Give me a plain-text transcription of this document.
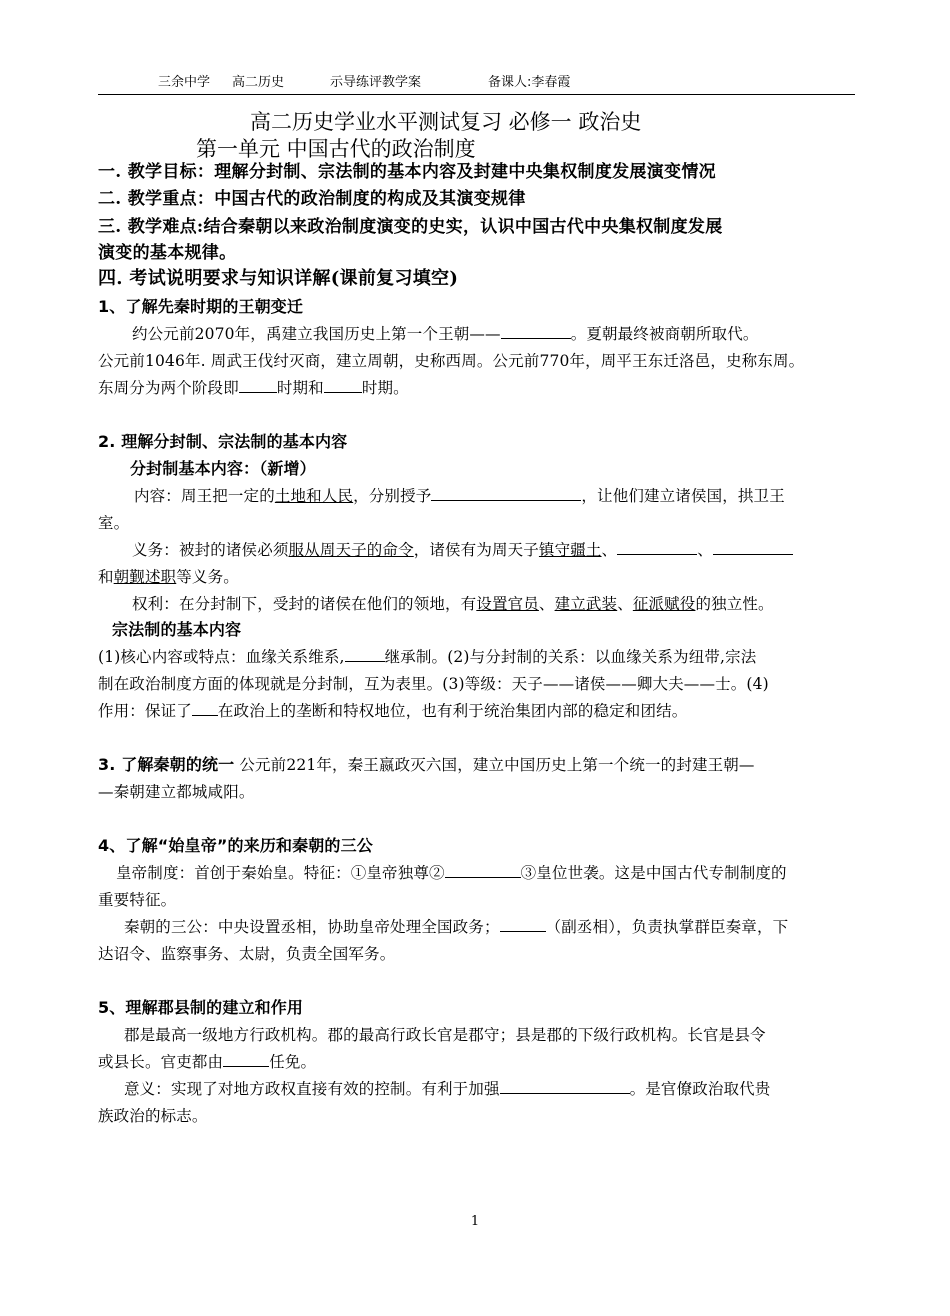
三余中学 高二历史	示导练评教学案	备课人:李春霞
高二历史学业水平测试复习 必修一 政治史
第一单元 中国古代的政治制度
一. 教学目标：理解分封制、宗法制的基本内容及封建中央集权制度发展演变情况
二. 教学重点：中国古代的政治制度的构成及其演变规律
三. 教学难点:结合秦朝以来政治制度演变的史实，认识中国古代中央集权制度发展
演变的基本规律。
四. 考试说明要求与知识详解(课前复习填空)
1、了解先秦时期的王朝变迁
约公元前2070年，禹建立我国历史上第一个王朝——	。夏朝最终被商朝所取代。
公元前1046年. 周武王伐纣灭商，建立周朝，史称西周。公元前770年，周平王东迁洛邑，史称东周。
东周分为两个阶段即 时期和 时期。
2. 理解分封制、宗法制的基本内容
分封制基本内容：（新增）
内容：周王把一定的土地和人民，分别授予	，让他们建立诸侯国，拱卫王
室。
义务：被封的诸侯必须服从周天子的命令，诸侯有为周天子镇守疆土、	、
和朝觐述职等义务。
权利：在分封制下，受封的诸侯在他们的领地，有设置官员、建立武装、征派赋役的独立性。
宗法制的基本内容
(1)核心内容或特点：血缘关系维系,	继承制。(2)与分封制的关系：以血缘关系为纽带,宗法
制在政治制度方面的体现就是分封制，互为表里。(3)等级：天子——诸侯——卿大夫——士。(4)
作用：保证了 在政治上的垄断和特权地位，也有利于统治集团内部的稳定和团结。
3. 了解秦朝的统一 公元前221年，秦王嬴政灭六国，建立中国历史上第一个统一的封建王朝—
—秦朝建立都城咸阳。
4、了解“始皇帝”的来历和秦朝的三公
皇帝制度：首创于秦始皇。特征：①皇帝独尊②	③皇位世袭。这是中国古代专制制度的
重要特征。
秦朝的三公：中央设置丞相，协助皇帝处理全国政务；	（副丞相），负责执掌群臣奏章，下
达诏令、监察事务、太尉，负责全国军务。
5、理解郡县制的建立和作用
郡是最高一级地方行政机构。郡的最高行政长官是郡守；县是郡的下级行政机构。长官是县令
或县长。官吏都由	任免。
意义：实现了对地方政权直接有效的控制。有利于加强	。是官僚政治取代贵
族政治的标志。
1
